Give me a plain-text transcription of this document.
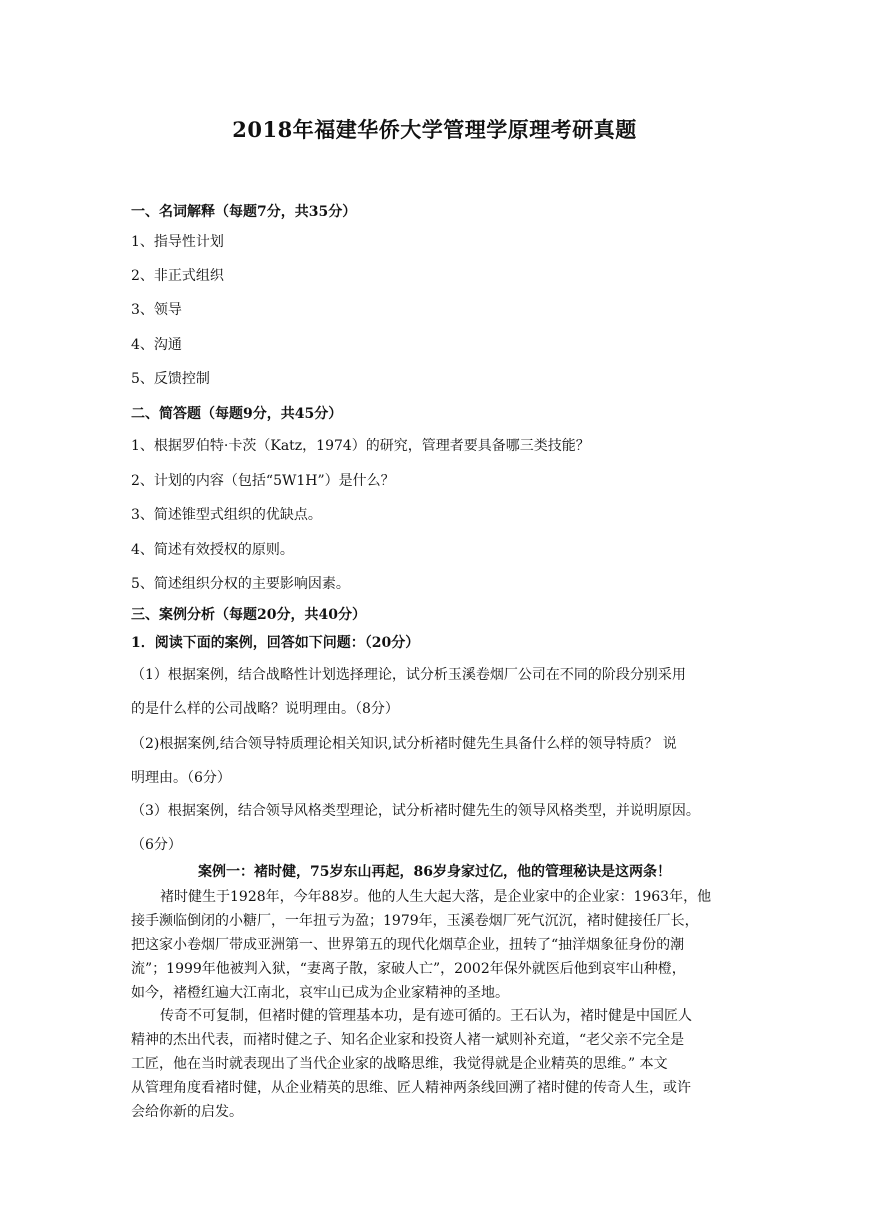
2018年福建华侨大学管理学原理考研真题
一、名词解释（每题7分，共35分）
1、指导性计划
2、非正式组织
3、领导
4、沟通
5、反馈控制
二、简答题（每题9分，共45分）
1、根据罗伯特·卡茨（Katz，1974）的研究，管理者要具备哪三类技能？
2、计划的内容（包括“5W1H”）是什么？
3、简述锥型式组织的优缺点。
4、简述有效授权的原则。
5、简述组织分权的主要影响因素。
三、案例分析（每题20分，共40分）
1．阅读下面的案例，回答如下问题：（20分）
（1）根据案例，结合战略性计划选择理论，试分析玉溪卷烟厂公司在不同的阶段分别采用
的是什么样的公司战略？说明理由。（8分）
（2)根据案例,结合领导特质理论相关知识,试分析褚时健先生具备什么样的领导特质？ 说
明理由。（6分）
（3）根据案例，结合领导风格类型理论，试分析褚时健先生的领导风格类型，并说明原因。
（6分）
案例一：褚时健，75岁东山再起，86岁身家过亿，他的管理秘诀是这两条！
褚时健生于1928年，今年88岁。他的人生大起大落，是企业家中的企业家：1963年，他
接手濒临倒闭的小糖厂，一年扭亏为盈；1979年，玉溪卷烟厂死气沉沉，褚时健接任厂长，
把这家小卷烟厂带成亚洲第一、世界第五的现代化烟草企业，扭转了“抽洋烟象征身份的潮
流”；1999年他被判入狱，“妻离子散，家破人亡”，2002年保外就医后他到哀牢山种橙，
如今，褚橙红遍大江南北，哀牢山已成为企业家精神的圣地。
传奇不可复制，但褚时健的管理基本功，是有迹可循的。王石认为，褚时健是中国匠人
精神的杰出代表，而褚时健之子、知名企业家和投资人褚一斌则补充道，“老父亲不完全是
工匠，他在当时就表现出了当代企业家的战略思维，我觉得就是企业精英的思维。” 本文
从管理角度看褚时健，从企业精英的思维、匠人精神两条线回溯了褚时健的传奇人生，或许
会给你新的启发。
